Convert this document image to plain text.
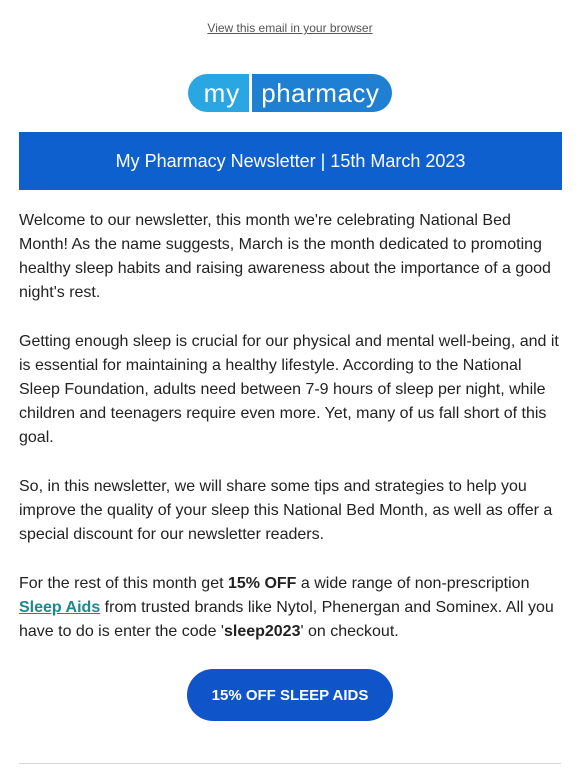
View this email in your browser
my pharmacy
My Pharmacy Newsletter | 15th March 2023

Welcome to our newsletter, this month we're celebrating National Bed Month! As the name suggests, March is the month dedicated to promoting healthy sleep habits and raising awareness about the importance of a good night's rest.

Getting enough sleep is crucial for our physical and mental well-being, and it is essential for maintaining a healthy lifestyle. According to the National Sleep Foundation, adults need between 7-9 hours of sleep per night, while children and teenagers require even more. Yet, many of us fall short of this goal.

So, in this newsletter, we will share some tips and strategies to help you improve the quality of your sleep this National Bed Month, as well as offer a special discount for our newsletter readers.

For the rest of this month get 15% OFF a wide range of non-prescription
Sleep Aids from trusted brands like Nytol, Phenergan and Sominex. All you have to do is enter the code 'sleep2023' on checkout.

15% OFF SLEEP AIDS
